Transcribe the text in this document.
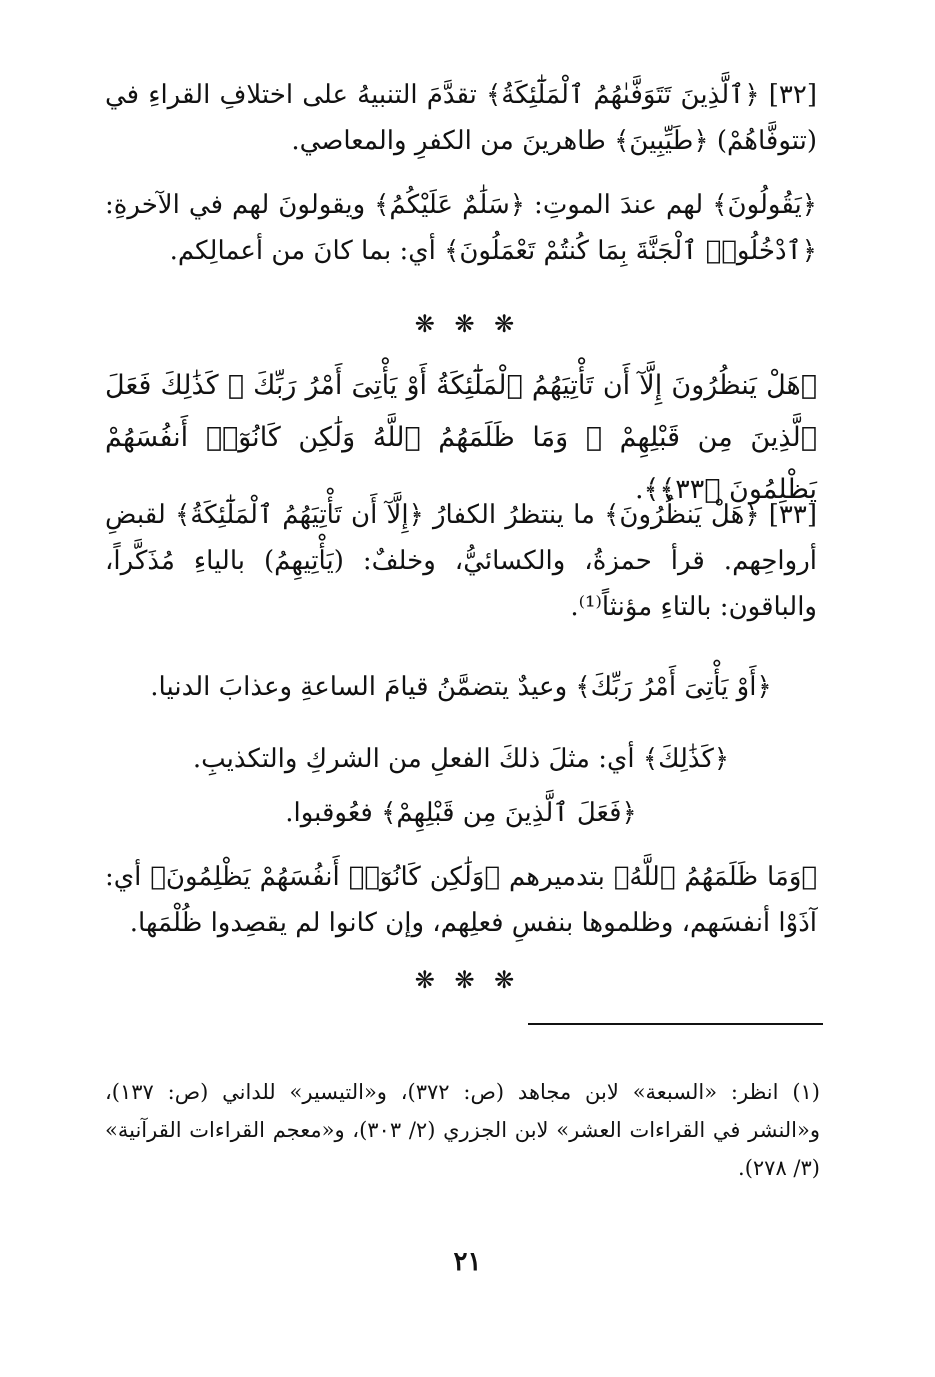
[٣٢] ﴿ٱلَّذِينَ تَتَوَفَّىٰهُمُ ٱلْمَلَٰٓئِكَةُ﴾ تقدَّمَ التنبيهُ على اختلافِ القراءِ في (تتوفَّاهُمْ) ﴿طَيِّبِينَ﴾ طاهرينَ من الكفرِ والمعاصي.

﴿يَقُولُونَ﴾ لهم عندَ الموتِ: ﴿سَلَٰمٌ عَلَيْكُمُ﴾ ويقولونَ لهم في الآخرةِ: ﴿ٱدْخُلُوا۟ ٱلْجَنَّةَ بِمَا كُنتُمْ تَعْمَلُونَ﴾ أي: بما كانَ من أعمالِكم.

❋ ❋ ❋

﴿هَلْ يَنظُرُونَ إِلَّآ أَن تَأْتِيَهُمُ ٱلْمَلَٰٓئِكَةُ أَوْ يَأْتِىَ أَمْرُ رَبِّكَ ۚ كَذَٰلِكَ فَعَلَ ٱلَّذِينَ مِن قَبْلِهِمْ ۚ وَمَا ظَلَمَهُمُ ٱللَّهُ وَلَٰكِن كَانُوٓا۟ أَنفُسَهُمْ يَظْلِمُونَ ﴿٣٣﴾﴾.

[٣٣] ﴿هَلْ يَنظُرُونَ﴾ ما ينتظرُ الكفارُ ﴿إِلَّآ أَن تَأْتِيَهُمُ ٱلْمَلَٰٓئِكَةُ﴾ لقبضِ أرواحِهم. قرأ حمزةُ، والكسائيُّ، وخلفٌ: (يَأْتِيهِمُ) بالياءِ مُذَكَّراً، والباقون: بالتاءِ مؤنثاً⁽¹⁾.

﴿أَوْ يَأْتِىَ أَمْرُ رَبِّكَ﴾ وعيدٌ يتضمَّنُ قيامَ الساعةِ وعذابَ الدنيا.

﴿كَذَٰلِكَ﴾ أي: مثلَ ذلكَ الفعلِ من الشركِ والتكذيبِ.

﴿فَعَلَ ٱلَّذِينَ مِن قَبْلِهِمْ﴾ فعُوقبوا.

﴿وَمَا ظَلَمَهُمُ ٱللَّهُ﴾ بتدميرهم ﴿وَلَٰكِن كَانُوٓا۟ أَنفُسَهُمْ يَظْلِمُونَ﴾ أي: آذَوْا أنفسَهم، وظلموها بنفسِ فعلِهم، وإن كانوا لم يقصِدوا ظُلْمَها.

❋ ❋ ❋

(١) انظر: «السبعة» لابن مجاهد (ص: ٣٧٢)، و«التيسير» للداني (ص: ١٣٧)، و«النشر في القراءات العشر» لابن الجزري (٢/ ٣٠٣)، و«معجم القراءات القرآنية» (٣/ ٢٧٨).

٢١
